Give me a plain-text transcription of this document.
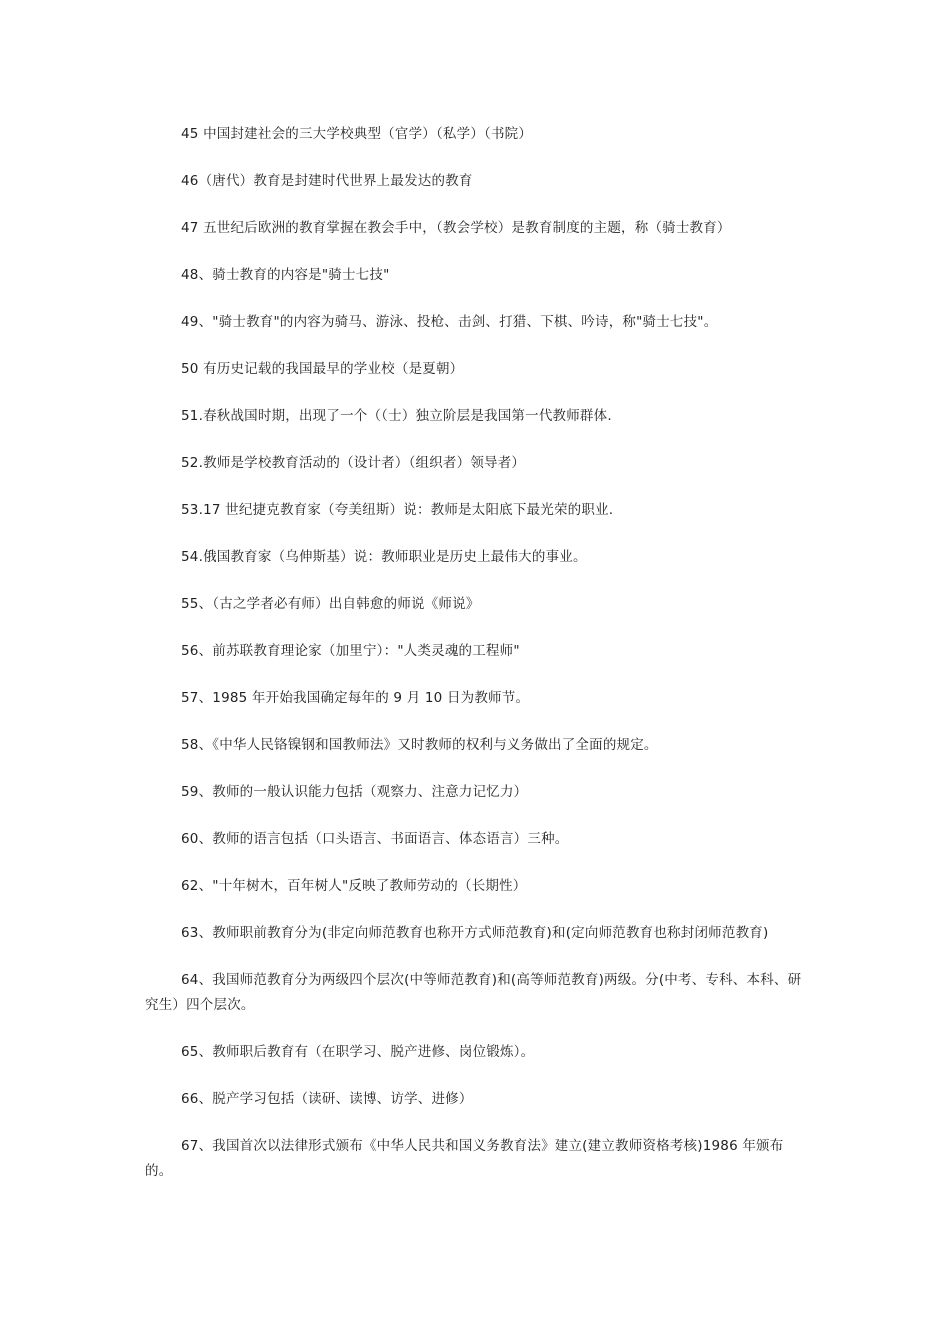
45 中国封建社会的三大学校典型（官学）（私学）（书院）

46（唐代）教育是封建时代世界上最发达的教育

47 五世纪后欧洲的教育掌握在教会手中，（教会学校）是教育制度的主题，称（骑士教育）

48、骑士教育的内容是"骑士七技"

49、"骑士教育"的内容为骑马、游泳、投枪、击剑、打猎、下棋、吟诗，称"骑士七技"。

50 有历史记载的我国最早的学业校（是夏朝）

51.春秋战国时期，出现了一个（（士）独立阶层是我国第一代教师群体.

52.教师是学校教育活动的（设计者）（组织者）领导者）

53.17 世纪捷克教育家（夸美纽斯）说：教师是太阳底下最光荣的职业.

54.俄国教育家（乌伸斯基）说：教师职业是历史上最伟大的事业。

55、（古之学者必有师）出自韩愈的师说《师说》

56、前苏联教育理论家（加里宁）："人类灵魂的工程师"

57、1985 年开始我国确定每年的 9 月 10 日为教师节。

58、《中华人民铬镍钢和国教师法》又时教师的权利与义务做出了全面的规定。

59、教师的一般认识能力包括（观察力、注意力记忆力）

60、教师的语言包括（口头语言、书面语言、体态语言）三种。

62、"十年树木，百年树人"反映了教师劳动的（长期性）

63、教师职前教育分为(非定向师范教育也称开方式师范教育)和(定向师范教育也称封闭师范教育)

64、我国师范教育分为两级四个层次(中等师范教育)和(高等师范教育)两级。分(中考、专科、本科、研究生）四个层次。

65、教师职后教育有（在职学习、脱产进修、岗位锻炼）。

66、脱产学习包括（读研、读博、访学、进修）

67、我国首次以法律形式颁布《中华人民共和国义务教育法》建立(建立教师资格考核)1986 年颁布的。
